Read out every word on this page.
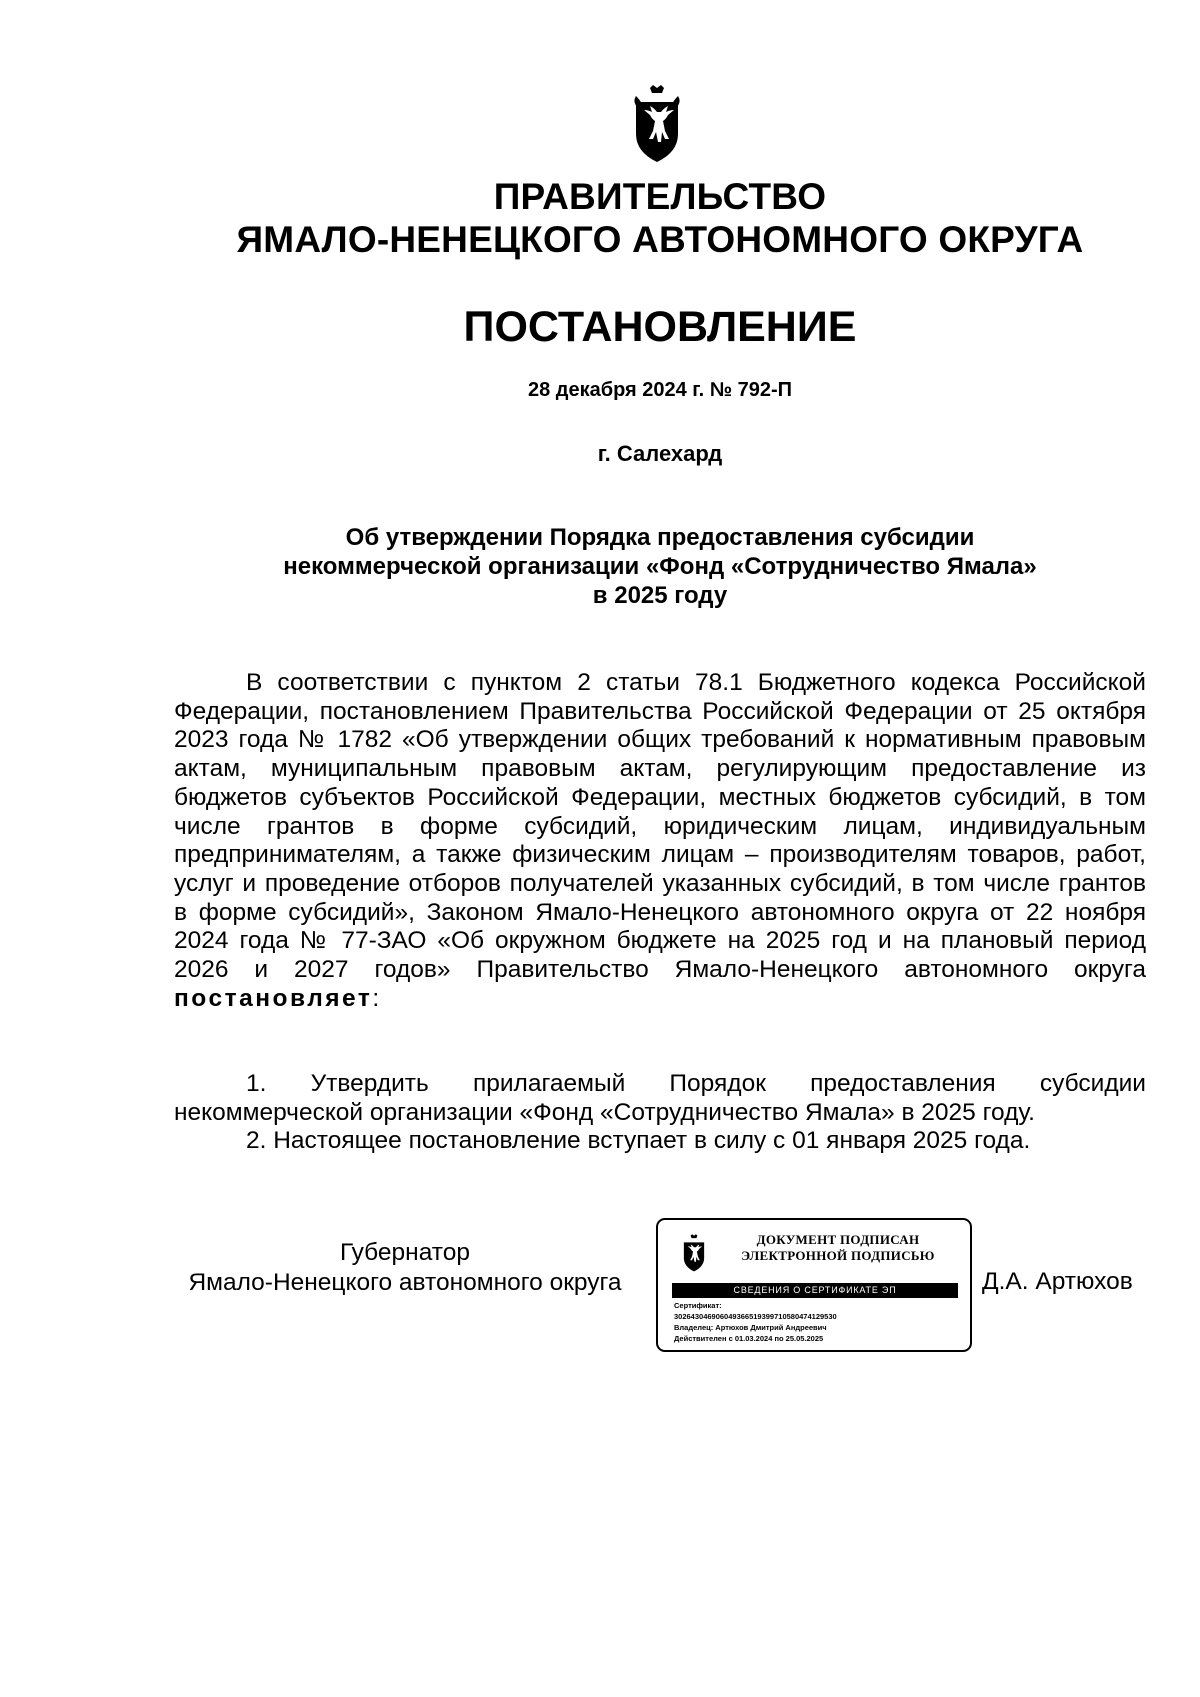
ПРАВИТЕЛЬСТВО
ЯМАЛО-НЕНЕЦКОГО АВТОНОМНОГО ОКРУГА
ПОСТАНОВЛЕНИЕ
28 декабря 2024 г. № 792-П
г. Салехард
Об утверждении Порядка предоставления субсидии
некоммерческой организации «Фонд «Сотрудничество Ямала»
в 2025 году

В соответствии с пунктом 2 статьи 78.1 Бюджетного кодекса Российской Федерации, постановлением Правительства Российской Федерации от 25 октября 2023 года № 1782 «Об утверждении общих требований к нормативным правовым актам, муниципальным правовым актам, регулирующим предоставление из бюджетов субъектов Российской Федерации, местных бюджетов субсидий, в том числе грантов в форме субсидий, юридическим лицам, индивидуальным предпринимателям, а также физическим лицам – производителям товаров, работ, услуг и проведение отборов получателей указанных субсидий, в том числе грантов в форме субсидий», Законом Ямало-Ненецкого автономного округа от 22 ноября 2024 года № 77-ЗАО «Об окружном бюджете на 2025 год и на плановый период 2026 и 2027 годов» Правительство Ямало-Ненецкого автономного округа постановляет:

1. Утвердить прилагаемый Порядок предоставления субсидии некоммерческой организации «Фонд «Сотрудничество Ямала» в 2025 году.

2. Настоящее постановление вступает в силу с 01 января 2025 года.

Губернатор
Ямало-Ненецкого автономного округа
ДОКУМЕНТ ПОДПИСАН
ЭЛЕКТРОННОЙ ПОДПИСЬЮ
СВЕДЕНИЯ О СЕРТИФИКАТЕ ЭП
Сертификат:
302643046906049366519399710580474129530
Владелец: Артюхов Дмитрий Андреевич
Действителен с 01.03.2024 по 25.05.2025
Д.А. Артюхов
